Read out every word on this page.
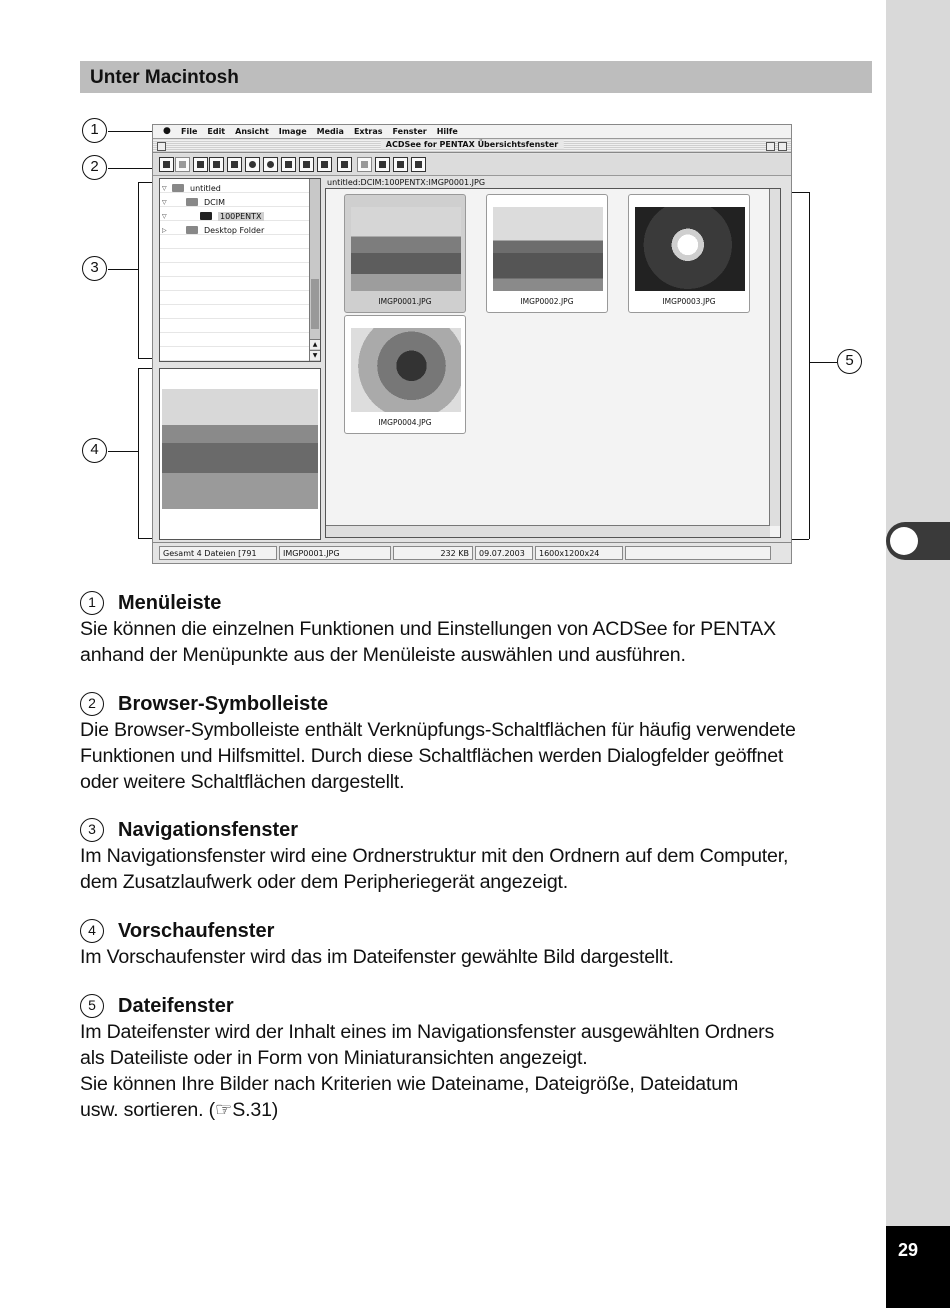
29
Unter Macintosh
1
2
3
4
5
● File Edit Ansicht Image Media Extras Fenster Hilfe
ACDSee for PENTAX Übersichtsfenster
▽	untitled
▽	DCIM
▽	100PENTX
▷	Desktop Folder
▲
▼
untitled:DCIM:100PENTX:IMGP0001.JPG
IMGP0001.JPG	IMGP0002.JPG	IMGP0003.JPG
IMGP0004.JPG
Gesamt 4 Dateien [791	IMGP0001.JPG	232 KB	09.07.2003	1600x1200x24
1	Menüleiste

Sie können die einzelnen Funktionen und Einstellungen von ACDSee for PENTAX

anhand der Menüpunkte aus der Menüleiste auswählen und ausführen.

2	Browser-Symbolleiste

Die Browser-Symbolleiste enthält Verknüpfungs-Schaltflächen für häufig verwendete

Funktionen und Hilfsmittel. Durch diese Schaltflächen werden Dialogfelder geöffnet

oder weitere Schaltflächen dargestellt.

3	Navigationsfenster

Im Navigationsfenster wird eine Ordnerstruktur mit den Ordnern auf dem Computer,

dem Zusatzlaufwerk oder dem Peripheriegerät angezeigt.

4	Vorschaufenster

Im Vorschaufenster wird das im Dateifenster gewählte Bild dargestellt.

5	Dateifenster

Im Dateifenster wird der Inhalt eines im Navigationsfenster ausgewählten Ordners

als Dateiliste oder in Form von Miniaturansichten angezeigt.

Sie können Ihre Bilder nach Kriterien wie Dateiname, Dateigröße, Dateidatum

usw. sortieren. (☞S.31)
